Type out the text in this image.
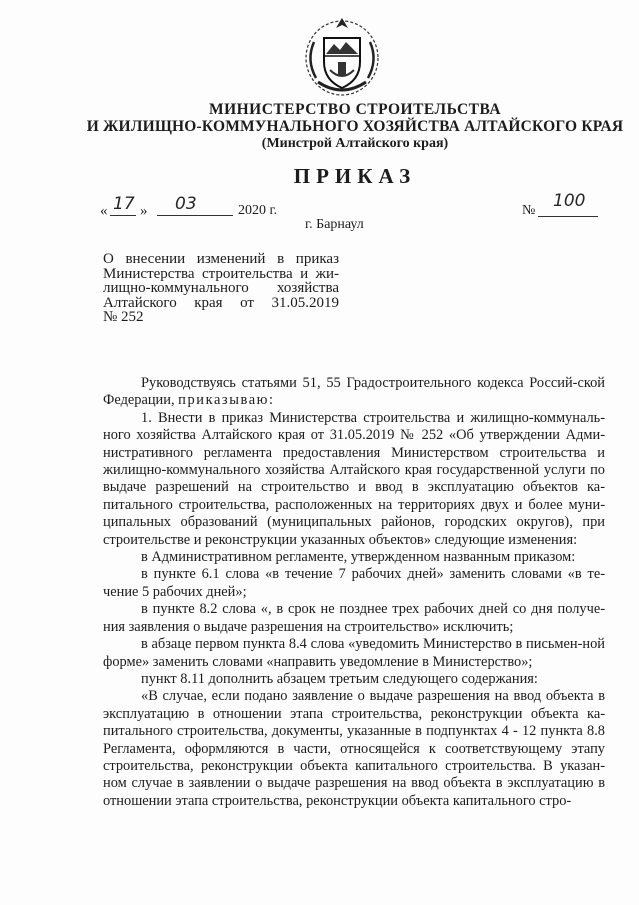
МИНИСТЕРСТВО СТРОИТЕЛЬСТВА
И ЖИЛИЩНО-КОММУНАЛЬНОГО ХОЗЯЙСТВА АЛТАЙСКОГО КРАЯ
(Минстрой Алтайского края)
ПРИКАЗ
« 17 » 03	2020 г.	№ 100
г. Барнаул
О внесении изменений в приказ
Министерства строительства и жи-
лищно-коммунального хозяйства
Алтайского края от 31.05.2019
№ 252

Руководствуясь статьями 51, 55 Градостроительного кодекса Россий-ской Федерации, приказываю:

1. Внести в приказ Министерства строительства и жилищно-коммуналь-ного хозяйства Алтайского края от 31.05.2019 № 252 «Об утверждении Адми-нистративного регламента предоставления Министерством строительства и жилищно-коммунального хозяйства Алтайского края государственной услуги по выдаче разрешений на строительство и ввод в эксплуатацию объектов ка-питального строительства, расположенных на территориях двух и более муни-ципальных образований (муниципальных районов, городских округов), при строительстве и реконструкции указанных объектов» следующие изменения:

в Административном регламенте, утвержденном названным приказом:

в пункте 6.1 слова «в течение 7 рабочих дней» заменить словами «в те-чение 5 рабочих дней»;

в пункте 8.2 слова «, в срок не позднее трех рабочих дней со дня получе-ния заявления о выдаче разрешения на строительство» исключить;

в абзаце первом пункта 8.4 слова «уведомить Министерство в письмен-ной форме» заменить словами «направить уведомление в Министерство»;

пункт 8.11 дополнить абзацем третьим следующего содержания:

«В случае, если подано заявление о выдаче разрешения на ввод объекта в эксплуатацию в отношении этапа строительства, реконструкции объекта ка-питального строительства, документы, указанные в подпунктах 4 - 12 пункта 8.8 Регламента, оформляются в части, относящейся к соответствующему этапу строительства, реконструкции объекта капитального строительства. В указан-ном случае в заявлении о выдаче разрешения на ввод объекта в эксплуатацию в отношении этапа строительства, реконструкции объекта капитального стро-
